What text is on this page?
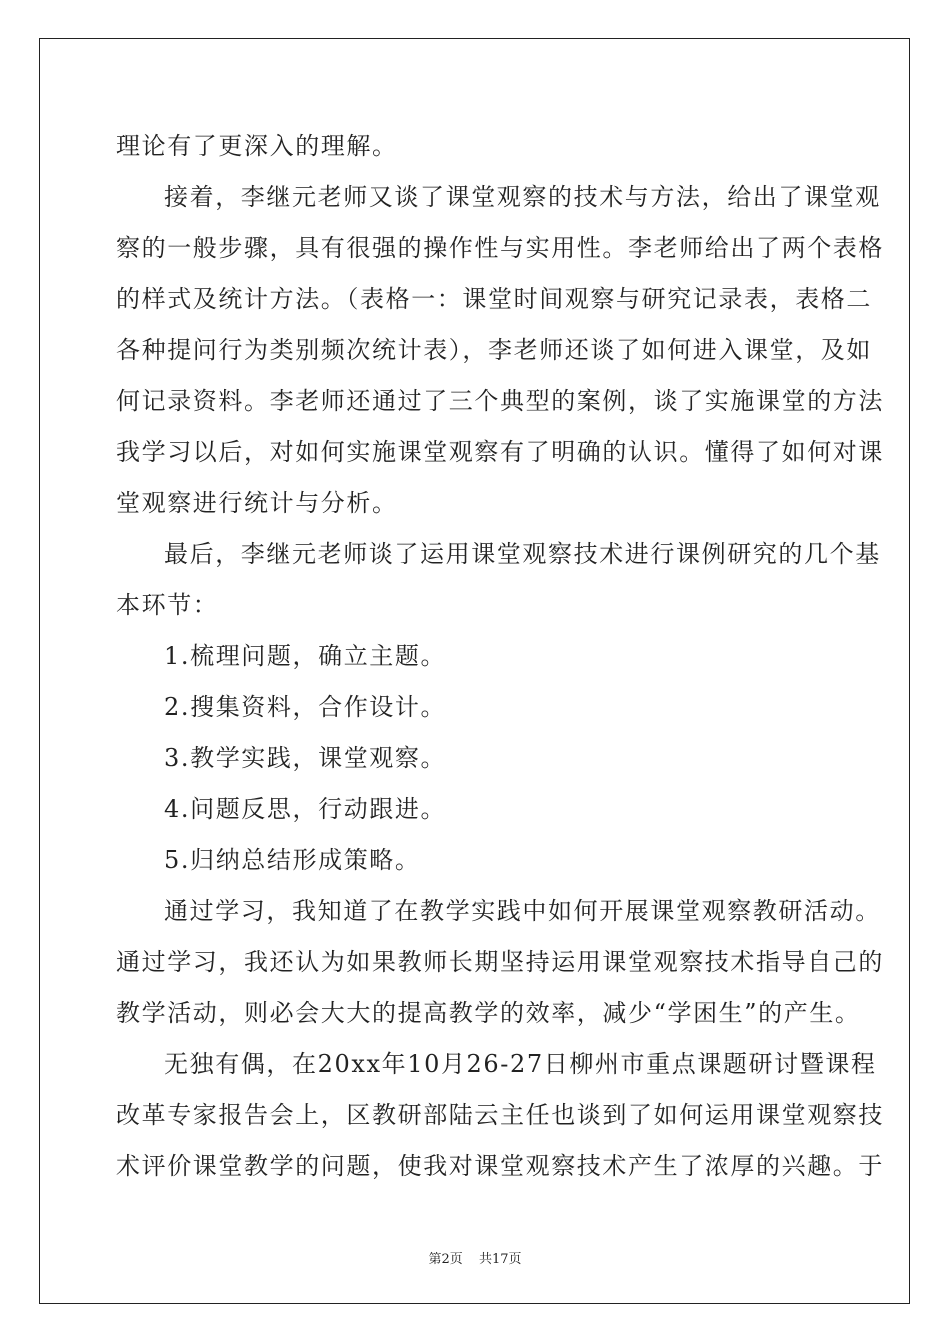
理论有了更深入的理解。
接着，李继元老师又谈了课堂观察的技术与方法，给出了课堂观
察的一般步骤，具有很强的操作性与实用性。李老师给出了两个表格
的样式及统计方法。（表格一：课堂时间观察与研究记录表，表格二
各种提问行为类别频次统计表），李老师还谈了如何进入课堂，及如
何记录资料。李老师还通过了三个典型的案例，谈了实施课堂的方法
我学习以后，对如何实施课堂观察有了明确的认识。懂得了如何对课
堂观察进行统计与分析。
最后，李继元老师谈了运用课堂观察技术进行课例研究的几个基
本环节：
1.梳理问题，确立主题。
2.搜集资料，合作设计。
3.教学实践，课堂观察。
4.问题反思，行动跟进。
5.归纳总结形成策略。
通过学习，我知道了在教学实践中如何开展课堂观察教研活动。
通过学习，我还认为如果教师长期坚持运用课堂观察技术指导自己的
教学活动，则必会大大的提高教学的效率，减少“学困生”的产生。
无独有偶，在20xx年10月26-27日柳州市重点课题研讨暨课程
改革专家报告会上，区教研部陆云主任也谈到了如何运用课堂观察技
术评价课堂教学的问题，使我对课堂观察技术产生了浓厚的兴趣。于
第2页 共17页
